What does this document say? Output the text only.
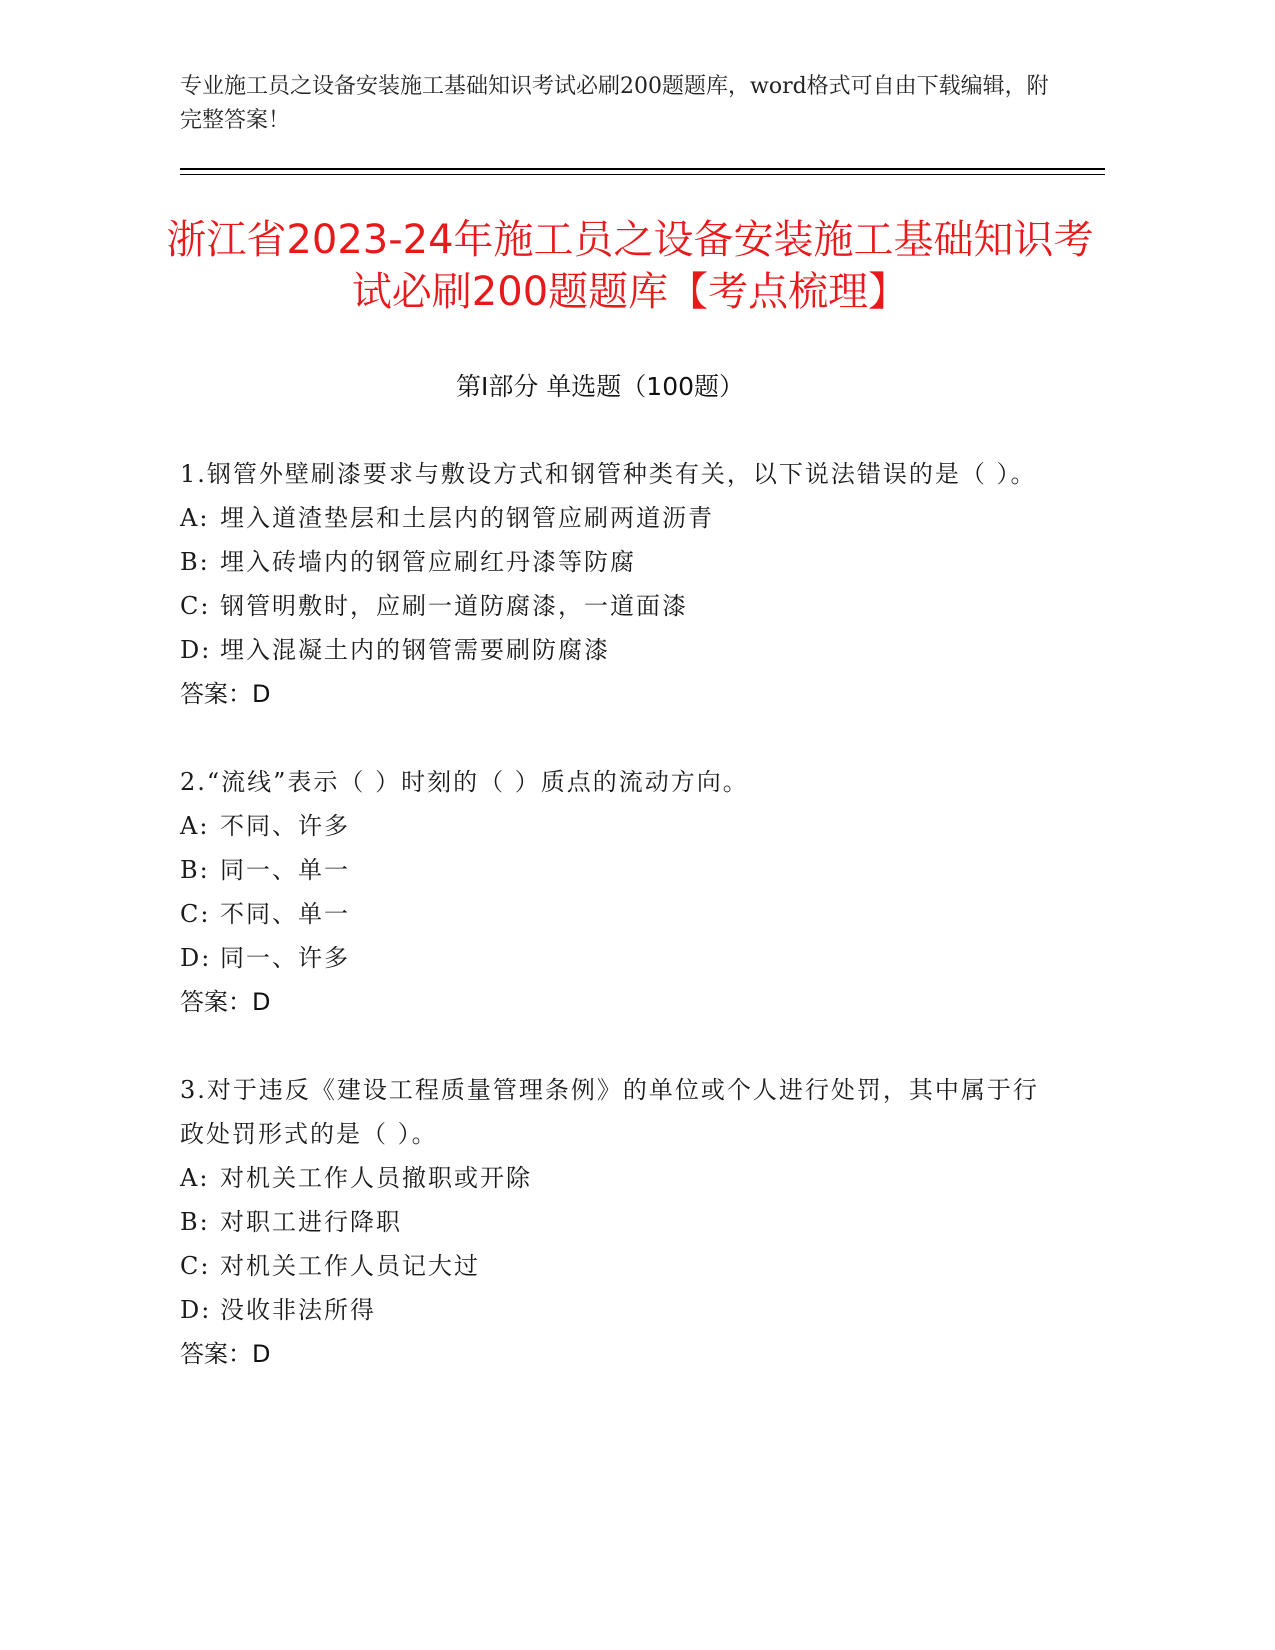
专业施工员之设备安装施工基础知识考试必刷200题题库，word格式可自由下载编辑，附完整答案！
浙江省2023-24年施工员之设备安装施工基础知识考试必刷200题题库【考点梳理】
第Ⅰ部分 单选题（100题）

1.钢管外壁刷漆要求与敷设方式和钢管种类有关，以下说法错误的是（ ）。

A: 埋入道渣垫层和土层内的钢管应刷两道沥青

B: 埋入砖墙内的钢管应刷红丹漆等防腐

C: 钢管明敷时，应刷一道防腐漆，一道面漆

D: 埋入混凝土内的钢管需要刷防腐漆

答案：D

2.“流线”表示（ ）时刻的（ ）质点的流动方向。

A: 不同、许多

B: 同一、单一

C: 不同、单一

D: 同一、许多

答案：D

3.对于违反《建设工程质量管理条例》的单位或个人进行处罚，其中属于行政处罚形式的是（ ）。

A: 对机关工作人员撤职或开除

B: 对职工进行降职

C: 对机关工作人员记大过

D: 没收非法所得

答案：D
